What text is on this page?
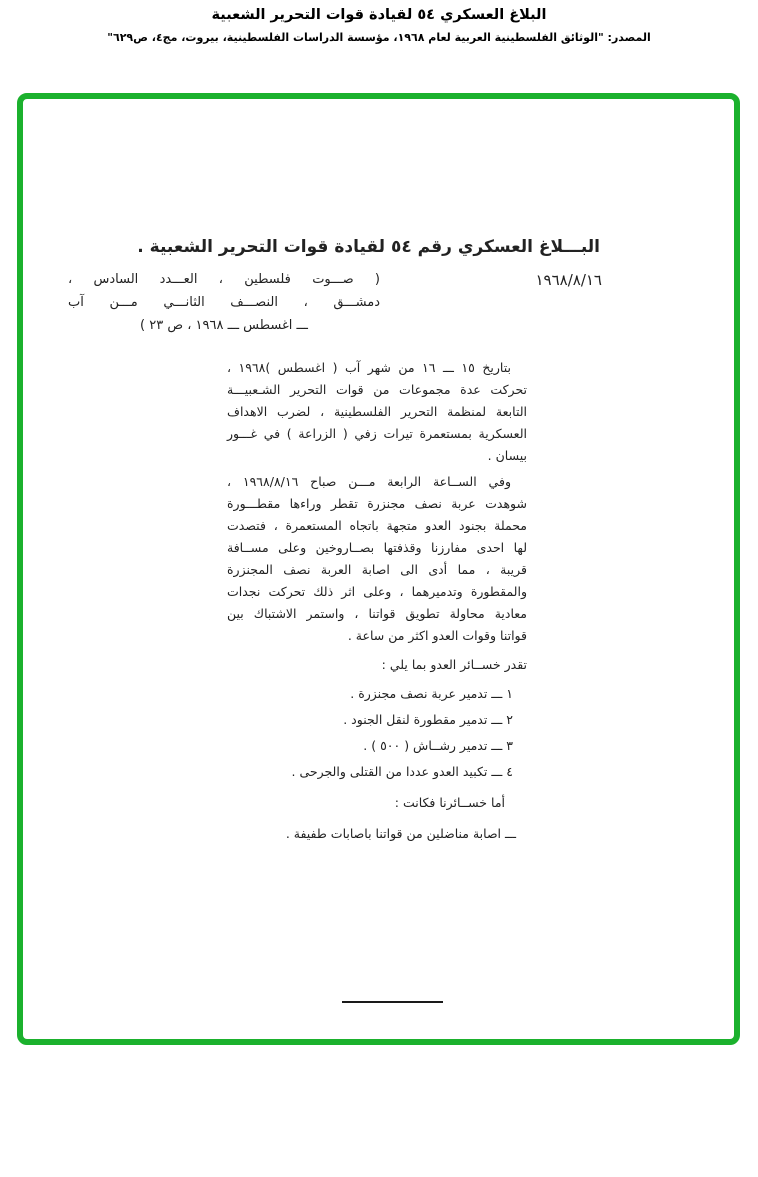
البلاغ العسكري ٥٤ لقيادة قوات التحرير الشعبية
المصدر: "الوثائق الفلسطينية العربية لعام ١٩٦٨، مؤسسة الدراسات الفلسطينية، بيروت، مج٤، ص٦٢٩"
البـــلاغ العسكري رقم ٥٤ لقيادة قوات التحرير الشعبية .
١٩٦٨/٨/١٦
( صـــوت فلسطين ، العـــدد السادس ،
دمشـــق ، النصـــف الثانـــي مـــن آب
ـــ اغسطس ـــ ١٩٦٨ ، ص ٢٣ )
بتاريخ ١٥ ـــ ١٦ من شهر آب ( اغسطس )١٩٦٨ ،
تحركت عدة مجموعات من قوات التحرير الشـعبيـــة
التابعة لمنظمة التحرير الفلسطينية ، لضرب الاهداف
العسكرية بمستعمرة تيرات زفي ( الزراعة ) في غـــور
بيسان .
وفي الســاعة الرابعة مـــن صباح ١٩٦٨/٨/١٦ ،
شوهدت عربة نصف مجنزرة تقطر وراءها مقطـــورة
محملة بجنود العدو متجهة باتجاه المستعمرة ، فتصدت
لها احدى مفارزنا وقذفتها بصــاروخين وعلى مســافة
قريبة ، مما أدى الى اصابة العربة نصف المجنزرة
والمقطورة وتدميرهما ، وعلى اثر ذلك تحركت نجدات
معادية محاولة تطويق قواتنا ، واستمر الاشتباك بين
قواتنا وقوات العدو اكثر من ساعة .
تقدر خســائر العدو بما يلي :
١ ـــ تدمير عربة نصف مجنزرة .
٢ ـــ تدمير مقطورة لنقل الجنود .
٣ ـــ تدمير رشــاش ( ٥٠٠ ) .
٤ ـــ تكبيد العدو عددا من القتلى والجرحى .
أما خســائرنا فكانت :
ـــ اصابة مناضلين من قواتنا باصابات طفيفة .
